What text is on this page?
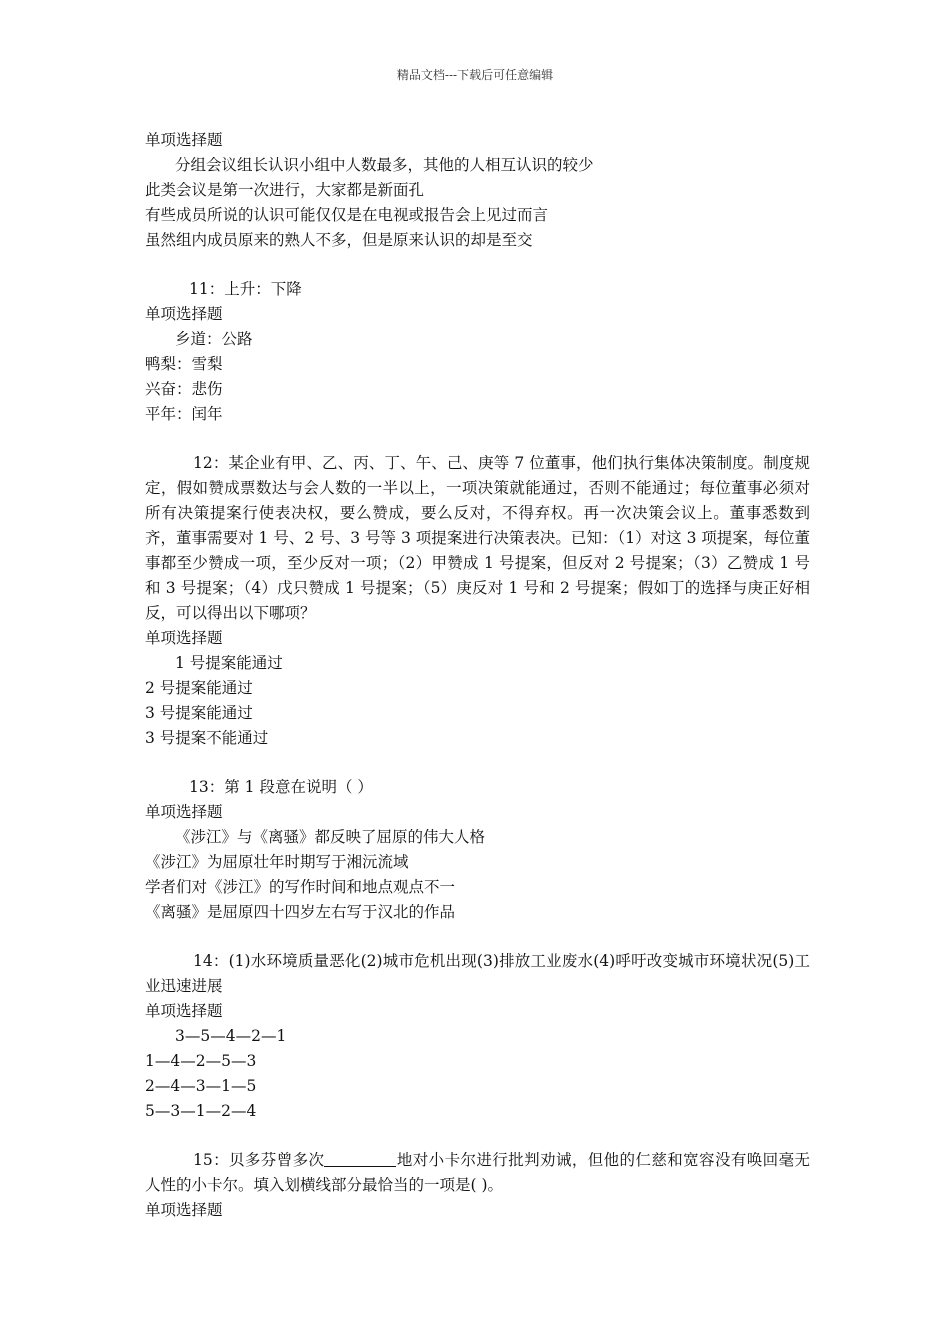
精品文档---下载后可任意编辑
单项选择题
分组会议组长认识小组中人数最多，其他的人相互认识的较少
此类会议是第一次进行，大家都是新面孔
有些成员所说的认识可能仅仅是在电视或报告会上见过而言
虽然组内成员原来的熟人不多，但是原来认识的却是至交
11：上升：下降
单项选择题
乡道：公路
鸭梨：雪梨
兴奋：悲伤
平年：闰年
12：某企业有甲、乙、丙、丁、午、己、庚等 7 位董事，他们执行集体决策制度。制度规定，假如赞成票数达与会人数的一半以上，一项决策就能通过，否则不能通过；每位董事必须对所有决策提案行使表决权，要么赞成，要么反对，不得弃权。再一次决策会议上。董事悉数到齐，董事需要对 1 号、2 号、3 号等 3 项提案进行决策表决。已知：（1）对这 3 项提案，每位董事都至少赞成一项，至少反对一项；（2）甲赞成 1 号提案，但反对 2 号提案；（3）乙赞成 1 号和 3 号提案；（4）戊只赞成 1 号提案；（5）庚反对 1 号和 2 号提案；假如丁的选择与庚正好相反，可以得出以下哪项？
单项选择题
1 号提案能通过
2 号提案能通过
3 号提案能通过
3 号提案不能通过
13：第 1 段意在说明（ ）
单项选择题
《涉江》与《离骚》都反映了屈原的伟大人格
《涉江》为屈原壮年时期写于湘沅流域
学者们对《涉江》的写作时间和地点观点不一
《离骚》是屈原四十四岁左右写于汉北的作品
14：(1)水环境质量恶化(2)城市危机出现(3)排放工业废水(4)呼吁改变城市环境状况(5)工业迅速进展
单项选择题
3—5—4—2—1
1—4—2—5—3
2—4—3—1—5
5—3—1—2—4
15：贝多芬曾多次	地对小卡尔进行批判劝诫，但他的仁慈和宽容没有唤回毫无人性的小卡尔。填入划横线部分最恰当的一项是( )。
单项选择题
